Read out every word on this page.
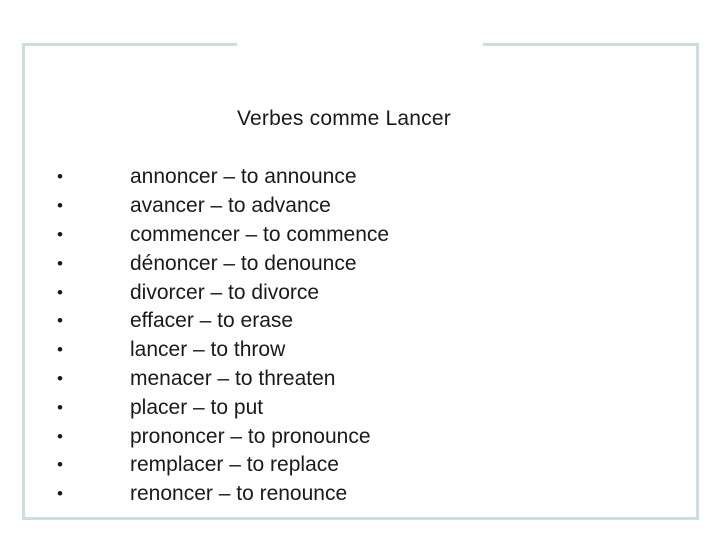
Verbes comme Lancer
•	annoncer – to announce
•	avancer – to advance
•	commencer – to commence
•	dénoncer – to denounce
•	divorcer – to divorce
•	effacer – to erase
•	lancer – to throw
•	menacer – to threaten
•	placer – to put
•	prononcer – to pronounce
•	remplacer – to replace
•	renoncer – to renounce
